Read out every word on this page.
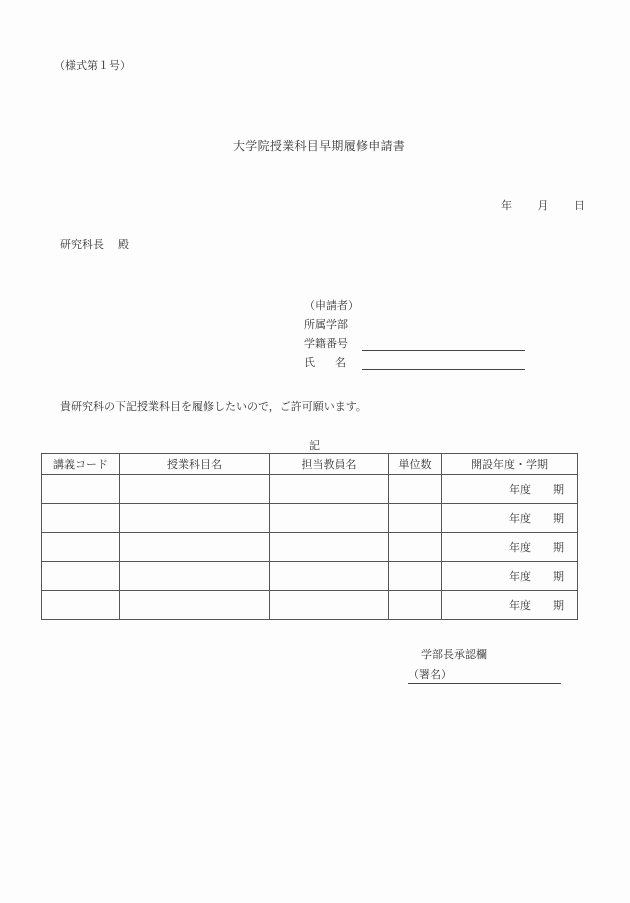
（様式第１号）
大学院授業科目早期履修申請書
年 月 日
研究科長 殿
（申請者）
所属学部
学籍番号
氏 名
貴研究科の下記授業科目を履修したいので，ご許可願います。
記
講義コード	授業科目名	担当教員名	単位数	開設年度・学期
				年度 期
				年度 期
				年度 期
				年度 期
				年度 期
学部長承認欄
（署名）
